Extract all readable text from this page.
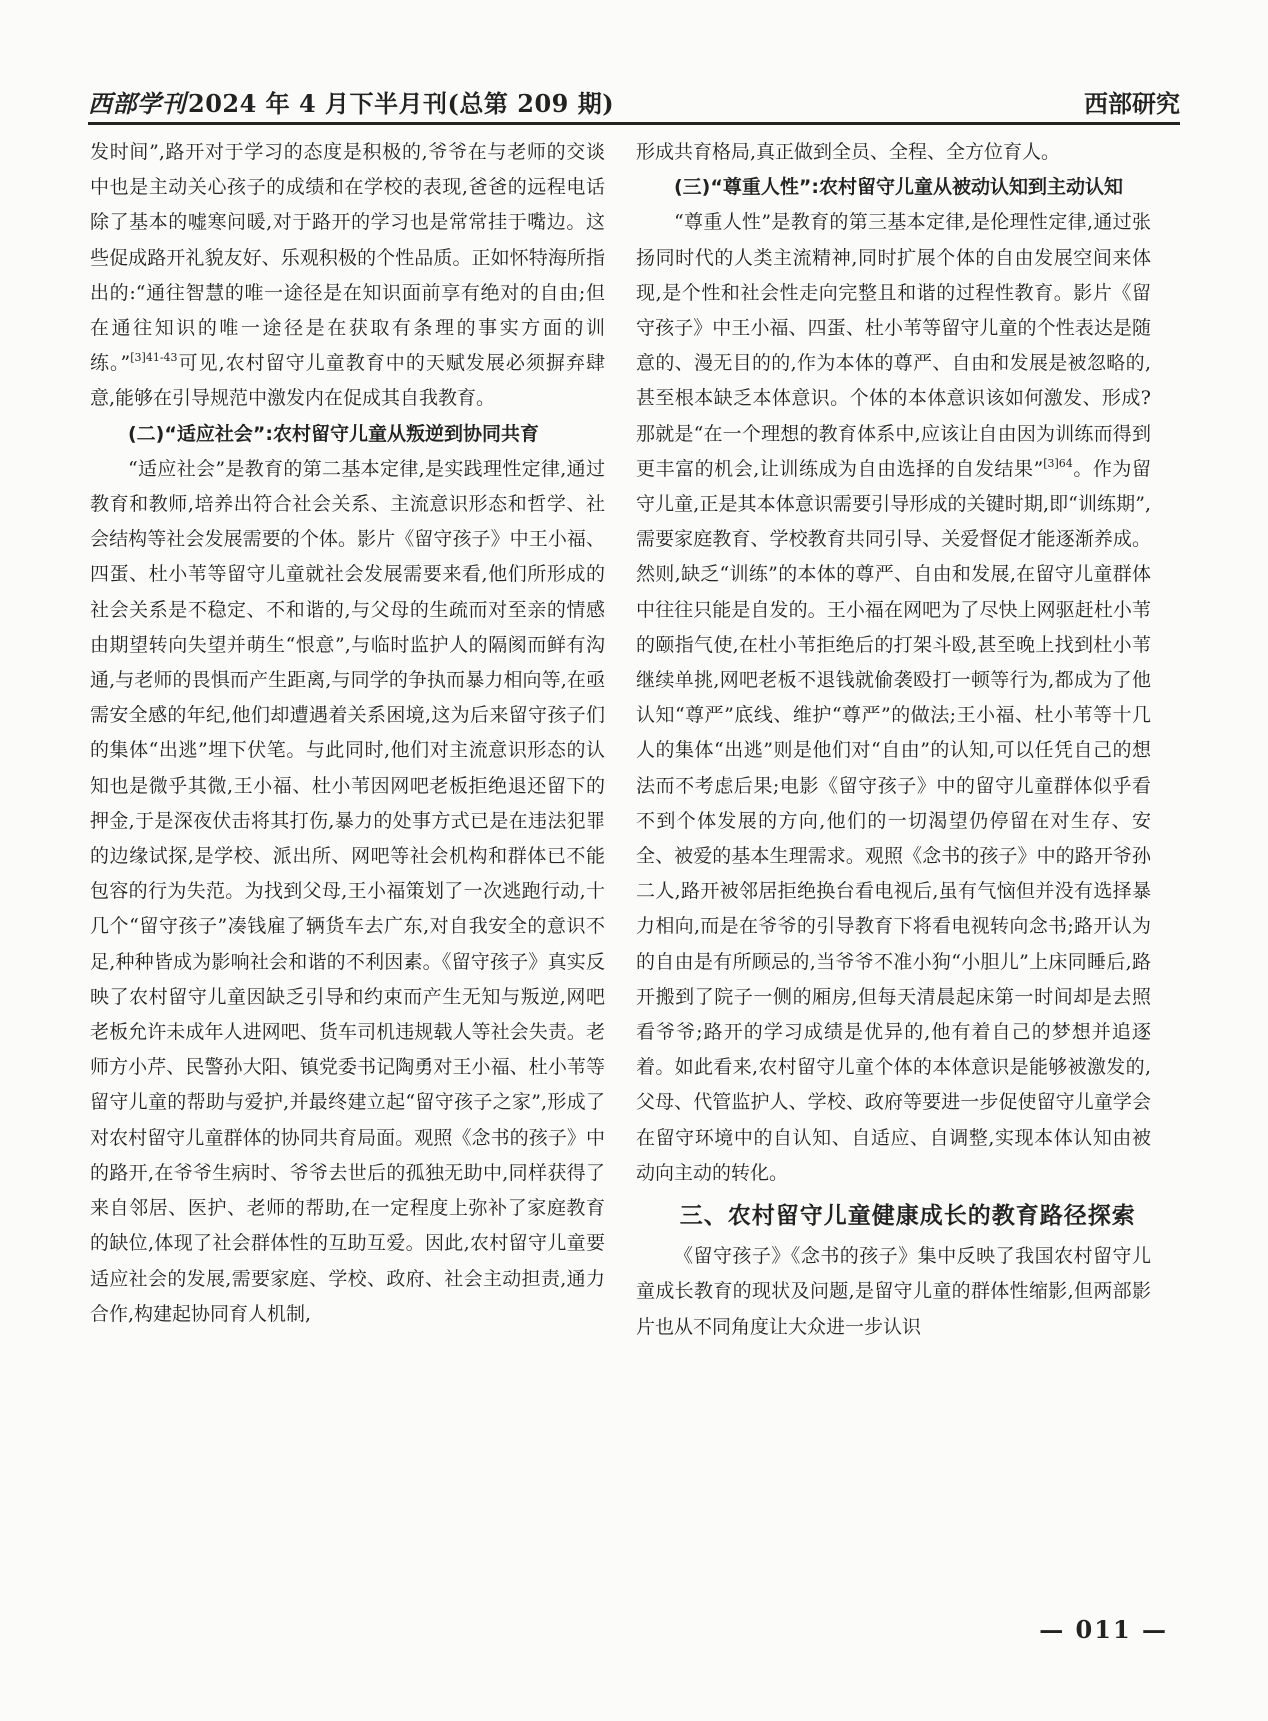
西部学刊2024 年 4 月下半月刊(总第 209 期)	西部研究

发时间”,路开对于学习的态度是积极的,爷爷在与老师的交谈中也是主动关心孩子的成绩和在学校的表现,爸爸的远程电话除了基本的嘘寒问暖,对于路开的学习也是常常挂于嘴边。这些促成路开礼貌友好、乐观积极的个性品质。正如怀特海所指出的:“通往智慧的唯一途径是在知识面前享有绝对的自由;但在通往知识的唯一途径是在获取有条理的事实方面的训练。”$^{[3]41-43}$可见,农村留守儿童教育中的天赋发展必须摒弃肆意,能够在引导规范中激发内在促成其自我教育。

(二)“适应社会”:农村留守儿童从叛逆到协同共育

“适应社会”是教育的第二基本定律,是实践理性定律,通过教育和教师,培养出符合社会关系、主流意识形态和哲学、社会结构等社会发展需要的个体。影片《留守孩子》中王小福、四蛋、杜小苇等留守儿童就社会发展需要来看,他们所形成的社会关系是不稳定、不和谐的,与父母的生疏而对至亲的情感由期望转向失望并萌生“恨意”,与临时监护人的隔阂而鲜有沟通,与老师的畏惧而产生距离,与同学的争执而暴力相向等,在亟需安全感的年纪,他们却遭遇着关系困境,这为后来留守孩子们的集体“出逃”埋下伏笔。与此同时,他们对主流意识形态的认知也是微乎其微,王小福、杜小苇因网吧老板拒绝退还留下的押金,于是深夜伏击将其打伤,暴力的处事方式已是在违法犯罪的边缘试探,是学校、派出所、网吧等社会机构和群体已不能包容的行为失范。为找到父母,王小福策划了一次逃跑行动,十几个“留守孩子”凑钱雇了辆货车去广东,对自我安全的意识不足,种种皆成为影响社会和谐的不利因素。《留守孩子》真实反映了农村留守儿童因缺乏引导和约束而产生无知与叛逆,网吧老板允许未成年人进网吧、货车司机违规载人等社会失责。老师方小芹、民警孙大阳、镇党委书记陶勇对王小福、杜小苇等留守儿童的帮助与爱护,并最终建立起“留守孩子之家”,形成了对农村留守儿童群体的协同共育局面。观照《念书的孩子》中的路开,在爷爷生病时、爷爷去世后的孤独无助中,同样获得了来自邻居、医护、老师的帮助,在一定程度上弥补了家庭教育的缺位,体现了社会群体性的互助互爱。因此,农村留守儿童要适应社会的发展,需要家庭、学校、政府、社会主动担责,通力合作,构建起协同育人机制,

形成共育格局,真正做到全员、全程、全方位育人。

(三)“尊重人性”:农村留守儿童从被动认知到主动认知

“尊重人性”是教育的第三基本定律,是伦理性定律,通过张扬同时代的人类主流精神,同时扩展个体的自由发展空间来体现,是个性和社会性走向完整且和谐的过程性教育。影片《留守孩子》中王小福、四蛋、杜小苇等留守儿童的个性表达是随意的、漫无目的的,作为本体的尊严、自由和发展是被忽略的,甚至根本缺乏本体意识。个体的本体意识该如何激发、形成?那就是“在一个理想的教育体系中,应该让自由因为训练而得到更丰富的机会,让训练成为自由选择的自发结果”$^{[3]64}$。作为留守儿童,正是其本体意识需要引导形成的关键时期,即“训练期”,需要家庭教育、学校教育共同引导、关爱督促才能逐渐养成。然则,缺乏“训练”的本体的尊严、自由和发展,在留守儿童群体中往往只能是自发的。王小福在网吧为了尽快上网驱赶杜小苇的颐指气使,在杜小苇拒绝后的打架斗殴,甚至晚上找到杜小苇继续单挑,网吧老板不退钱就偷袭殴打一顿等行为,都成为了他认知“尊严”底线、维护“尊严”的做法;王小福、杜小苇等十几人的集体“出逃”则是他们对“自由”的认知,可以任凭自己的想法而不考虑后果;电影《留守孩子》中的留守儿童群体似乎看不到个体发展的方向,他们的一切渴望仍停留在对生存、安全、被爱的基本生理需求。观照《念书的孩子》中的路开爷孙二人,路开被邻居拒绝换台看电视后,虽有气恼但并没有选择暴力相向,而是在爷爷的引导教育下将看电视转向念书;路开认为的自由是有所顾忌的,当爷爷不准小狗“小胆儿”上床同睡后,路开搬到了院子一侧的厢房,但每天清晨起床第一时间却是去照看爷爷;路开的学习成绩是优异的,他有着自己的梦想并追逐着。如此看来,农村留守儿童个体的本体意识是能够被激发的,父母、代管监护人、学校、政府等要进一步促使留守儿童学会在留守环境中的自认知、自适应、自调整,实现本体认知由被动向主动的转化。

三、农村留守儿童健康成长的教育路径探索

《留守孩子》《念书的孩子》集中反映了我国农村留守儿童成长教育的现状及问题,是留守儿童的群体性缩影,但两部影片也从不同角度让大众进一步认识

— 011 —
